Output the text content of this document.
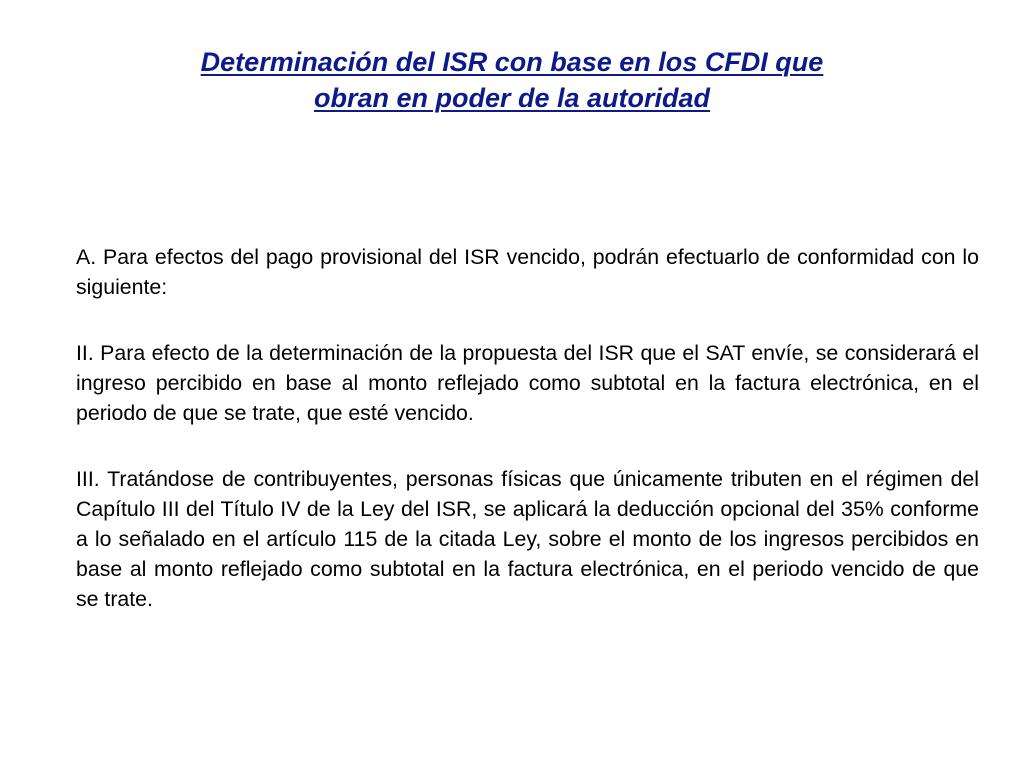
Determinación del ISR con base en los CFDI que
obran en poder de la autoridad

A. Para efectos del pago provisional del ISR vencido, podrán efectuarlo de conformidad con lo siguiente:

II. Para efecto de la determinación de la propuesta del ISR que el SAT envíe, se considerará el ingreso percibido en base al monto reflejado como subtotal en la factura electrónica, en el periodo de que se trate, que esté vencido.

III. Tratándose de contribuyentes, personas físicas que únicamente tributen en el régimen del Capítulo III del Título IV de la Ley del ISR, se aplicará la deducción opcional del 35% conforme a lo señalado en el artículo 115 de la citada Ley, sobre el monto de los ingresos percibidos en base al monto reflejado como subtotal en la factura electrónica, en el periodo vencido de que se trate.
